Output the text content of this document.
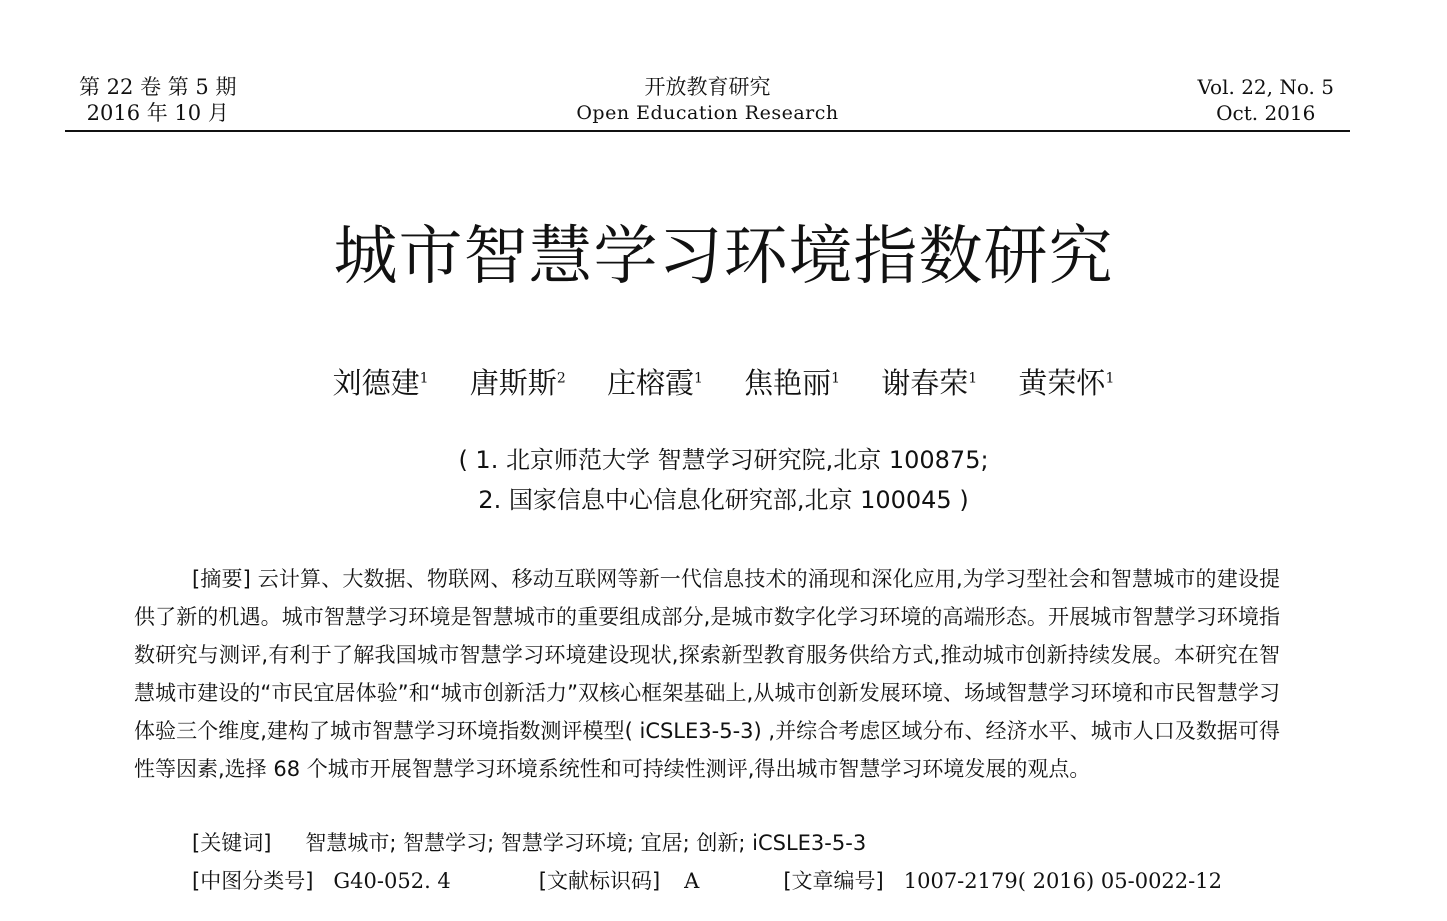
第 22 卷 第 5 期
2016 年 10 月
开放教育研究
Open Education Research
Vol. 22, No. 5
Oct. 2016
城市智慧学习环境指数研究
刘德建$^1$ 唐斯斯$^2$ 庄榕霞$^1$ 焦艳丽$^1$ 谢春荣$^1$ 黄荣怀$^1$
( 1. 北京师范大学 智慧学习研究院,北京 100875;
2. 国家信息中心信息化研究部,北京 100045 )

[摘要] 云计算、大数据、物联网、移动互联网等新一代信息技术的涌现和深化应用,为学习型社会和智慧城市的建设提供了新的机遇。城市智慧学习环境是智慧城市的重要组成部分,是城市数字化学习环境的高端形态。开展城市智慧学习环境指数研究与测评,有利于了解我国城市智慧学习环境建设现状,探索新型教育服务供给方式,推动城市创新持续发展。本研究在智慧城市建设的“市民宜居体验”和“城市创新活力”双核心框架基础上,从城市创新发展环境、场域智慧学习环境和市民智慧学习体验三个维度,建构了城市智慧学习环境指数测评模型( iCSLE3-5-3) ,并综合考虑区域分布、经济水平、城市人口及数据可得性等因素,选择 68 个城市开展智慧学习环境系统性和可持续性测评,得出城市智慧学习环境发展的观点。

[关键词] 智慧城市; 智慧学习; 智慧学习环境; 宜居; 创新; iCSLE3-5-3
[中图分类号] G40-052. 4	[文献标识码] A	[文章编号] 1007-2179( 2016) 05-0022-12
